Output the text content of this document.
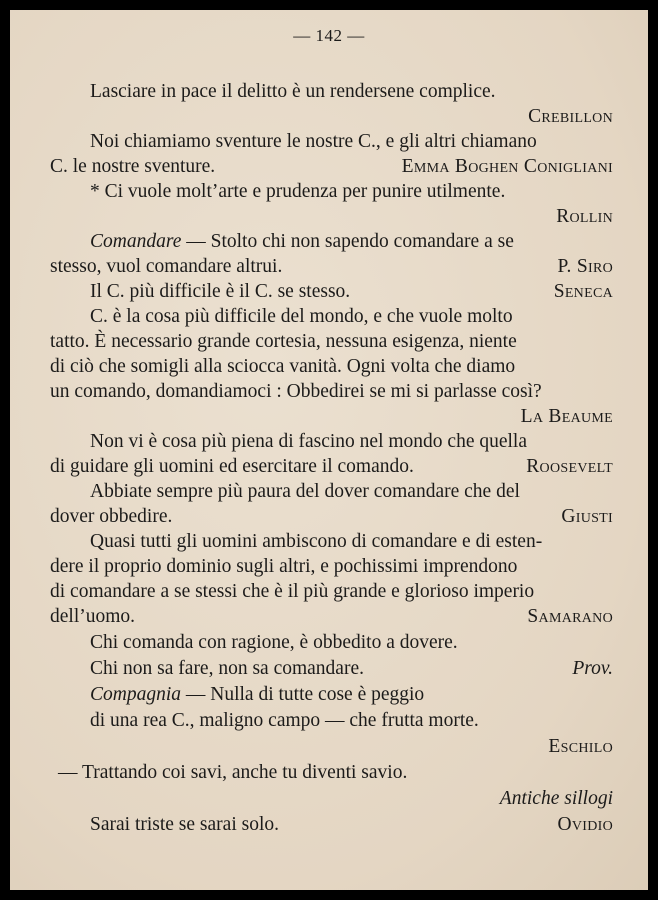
— 142 —
Lasciare in pace il delitto è un rendersene complice.
Crebillon
Noi chiamiamo sventure le nostre C., e gli altri chiamano
C. le nostre sventure.	Emma Boghen Conigliani
* Ci vuole molt’arte e prudenza per punire utilmente.
Rollin
Comandare — Stolto chi non sapendo comandare a se
stesso, vuol comandare altrui.	P. Siro
Il C. più difficile è il C. se stesso.	Seneca
C. è la cosa più difficile del mondo, e che vuole molto
tatto. È necessario grande cortesia, nessuna esigenza, niente
di ciò che somigli alla sciocca vanità. Ogni volta che diamo
un comando, domandiamoci : Obbedirei se mi si parlasse così?
La Beaume
Non vi è cosa più piena di fascino nel mondo che quella
di guidare gli uomini ed esercitare il comando.	Roosevelt
Abbiate sempre più paura del dover comandare che del
dover obbedire.	Giusti
Quasi tutti gli uomini ambiscono di comandare e di esten-
dere il proprio dominio sugli altri, e pochissimi imprendono
di comandare a se stessi che è il più grande e glorioso imperio
dell’uomo.	Samarano
Chi comanda con ragione, è obbedito a dovere.
Chi non sa fare, non sa comandare.	Prov.
Compagnia — Nulla di tutte cose è peggio
di una rea C., maligno campo — che frutta morte.
Eschilo
— Trattando coi savi, anche tu diventi savio.
Antiche sillogi
Sarai triste se sarai solo.	Ovidio
